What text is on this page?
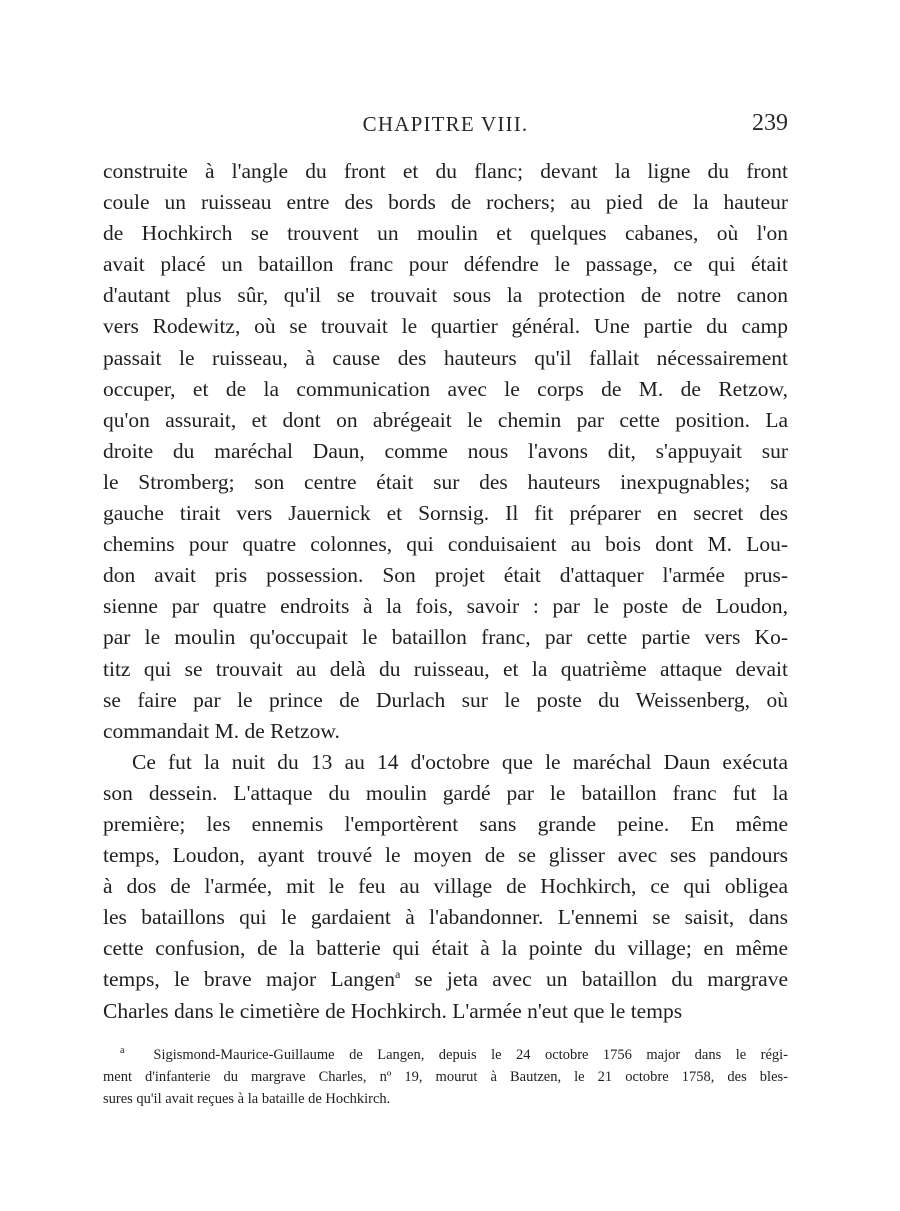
CHAPITRE VIII.	239

construite à l'angle du front et du flanc; devant la ligne du front
coule un ruisseau entre des bords de rochers; au pied de la hauteur
de Hochkirch se trouvent un moulin et quelques cabanes, où l'on
avait placé un bataillon franc pour défendre le passage, ce qui était
d'autant plus sûr, qu'il se trouvait sous la protection de notre canon
vers Rodewitz, où se trouvait le quartier général. Une partie du camp
passait le ruisseau, à cause des hauteurs qu'il fallait nécessairement
occuper, et de la communication avec le corps de M. de Retzow,
qu'on assurait, et dont on abrégeait le chemin par cette position. La
droite du maréchal Daun, comme nous l'avons dit, s'appuyait sur
le Stromberg; son centre était sur des hauteurs inexpugnables; sa
gauche tirait vers Jauernick et Sornsig. Il fit préparer en secret des
chemins pour quatre colonnes, qui conduisaient au bois dont M. Lou-
don avait pris possession. Son projet était d'attaquer l'armée prus-
sienne par quatre endroits à la fois, savoir : par le poste de Loudon,
par le moulin qu'occupait le bataillon franc, par cette partie vers Ko-
titz qui se trouvait au delà du ruisseau, et la quatrième attaque devait
se faire par le prince de Durlach sur le poste du Weissenberg, où
commandait M. de Retzow.

Ce fut la nuit du 13 au 14 d'octobre que le maréchal Daun exécuta
son dessein. L'attaque du moulin gardé par le bataillon franc fut la
première; les ennemis l'emportèrent sans grande peine. En même
temps, Loudon, ayant trouvé le moyen de se glisser avec ses pandours
à dos de l'armée, mit le feu au village de Hochkirch, ce qui obligea
les bataillons qui le gardaient à l'abandonner. L'ennemi se saisit, dans
cette confusion, de la batterie qui était à la pointe du village; en même
temps, le brave major Langen$^a$ se jeta avec un bataillon du margrave
Charles dans le cimetière de Hochkirch. L'armée n'eut que le temps

$^a$ Sigismond-Maurice-Guillaume de Langen, depuis le 24 octobre 1756 major dans le régi-
ment d'infanterie du margrave Charles, nº 19, mourut à Bautzen, le 21 octobre 1758, des bles-
sures qu'il avait reçues à la bataille de Hochkirch.
